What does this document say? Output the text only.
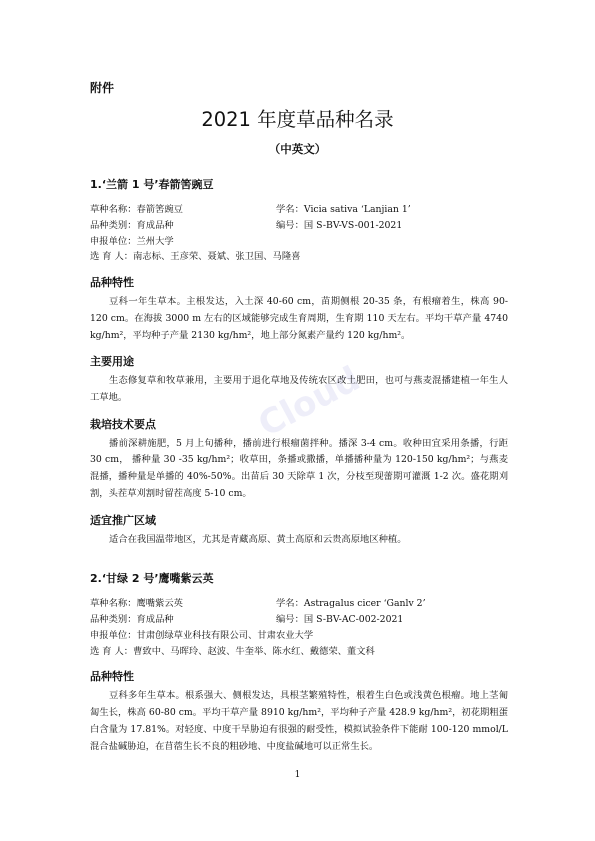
附件
2021 年度草品种名录
（中英文）
Cloud

1.‘兰箭 1 号’春箭筈豌豆

草种名称：春箭筈豌豆	学名：Vicia sativa ‘Lanjian 1’
品种类别：育成品种	编号：国 S-BV-VS-001-2021
申报单位：兰州大学
选 育 人：南志标、王彦荣、聂斌、张卫国、马隆喜

品种特性

豆科一年生草本。主根发达，入土深 40-60 cm，苗期侧根 20-35 条，有根瘤着生，株高 90-120 cm。在海拔 3000 m 左右的区域能够完成生育周期，生育期 110 天左右。平均干草产量 4740 kg/hm²，平均种子产量 2130 kg/hm²，地上部分氮素产量约 120 kg/hm²。

主要用途

生态修复草和牧草兼用，主要用于退化草地及传统农区改土肥田，也可与燕麦混播建植一年生人工草地。

栽培技术要点

播前深耕施肥，5 月上旬播种，播前进行根瘤菌拌种。播深 3-4 cm。收种田宜采用条播，行距 30 cm， 播种量 30 -35 kg/hm²；收草田，条播或撒播，单播播种量为 120-150 kg/hm²；与燕麦混播，播种量是单播的 40%-50%。出苗后 30 天除草 1 次，分枝至现蕾期可灌溉 1-2 次。盛花期刈割，头茬草刈割时留茬高度 5-10 cm。

适宜推广区域

适合在我国温带地区，尤其是青藏高原、黄土高原和云贵高原地区种植。

2.‘甘绿 2 号’鹰嘴紫云英

草种名称：鹰嘴紫云英	学名：Astragalus cicer ‘Ganlv 2’
品种类别：育成品种	编号：国 S-BV-AC-002-2021
申报单位：甘肃创绿草业科技有限公司、甘肃农业大学
选 育 人：曹致中、马晖玲、赵波、牛奎举、陈水红、戴德荣、董文科

品种特性

豆科多年生草本。根系强大、侧根发达，具根茎繁殖特性，根着生白色或浅黄色根瘤。地上茎匍匐生长，株高 60-80 cm。平均干草产量 8910 kg/hm²，平均种子产量 428.9 kg/hm²，初花期粗蛋白含量为 17.81%。对轻度、中度干旱胁迫有很强的耐受性，模拟试验条件下能耐 100-120 mmol/L 混合盐碱胁迫，在苜蓿生长不良的粗砂地、中度盐碱地可以正常生长。

1
